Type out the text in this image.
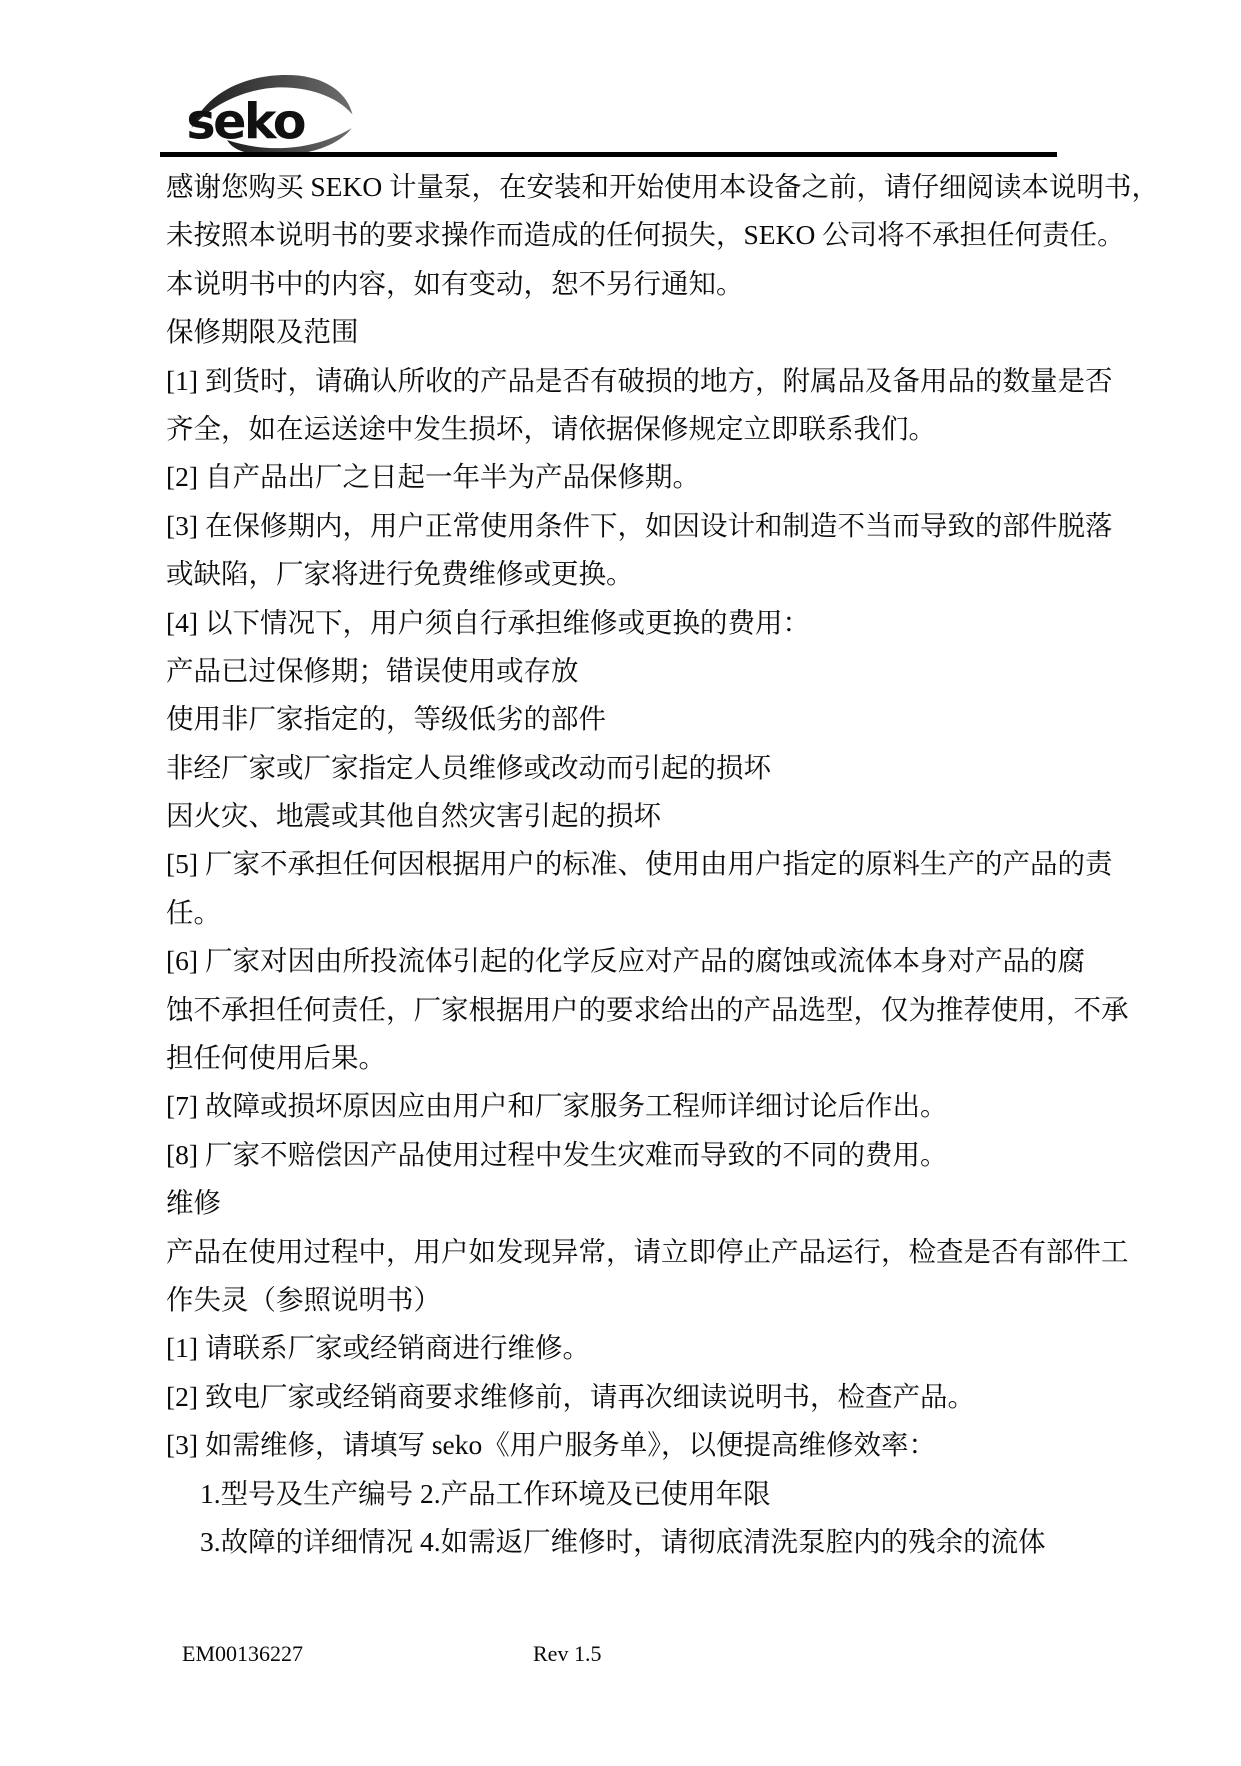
seko
感谢您购买 SEKO 计量泵，在安装和开始使用本设备之前，请仔细阅读本说明书，
未按照本说明书的要求操作而造成的任何损失，SEKO 公司将不承担任何责任。
本说明书中的内容，如有变动，恕不另行通知。
保修期限及范围
[1] 到货时，请确认所收的产品是否有破损的地方，附属品及备用品的数量是否
齐全，如在运送途中发生损坏，请依据保修规定立即联系我们。
[2] 自产品出厂之日起一年半为产品保修期。
[3] 在保修期内，用户正常使用条件下，如因设计和制造不当而导致的部件脱落
或缺陷，厂家将进行免费维修或更换。
[4] 以下情况下，用户须自行承担维修或更换的费用：
产品已过保修期；错误使用或存放
使用非厂家指定的，等级低劣的部件
非经厂家或厂家指定人员维修或改动而引起的损坏
因火灾、地震或其他自然灾害引起的损坏
[5] 厂家不承担任何因根据用户的标准、使用由用户指定的原料生产的产品的责
任。
[6] 厂家对因由所投流体引起的化学反应对产品的腐蚀或流体本身对产品的腐
蚀不承担任何责任，厂家根据用户的要求给出的产品选型，仅为推荐使用，不承
担任何使用后果。
[7] 故障或损坏原因应由用户和厂家服务工程师详细讨论后作出。
[8] 厂家不赔偿因产品使用过程中发生灾难而导致的不同的费用。
维修
产品在使用过程中，用户如发现异常，请立即停止产品运行，检查是否有部件工
作失灵（参照说明书）
[1] 请联系厂家或经销商进行维修。
[2] 致电厂家或经销商要求维修前，请再次细读说明书，检查产品。
[3] 如需维修，请填写 seko《用户服务单》，以便提高维修效率：
1.型号及生产编号 2.产品工作环境及已使用年限
3.故障的详细情况 4.如需返厂维修时，请彻底清洗泵腔内的残余的流体
EM00136227	Rev 1.5
